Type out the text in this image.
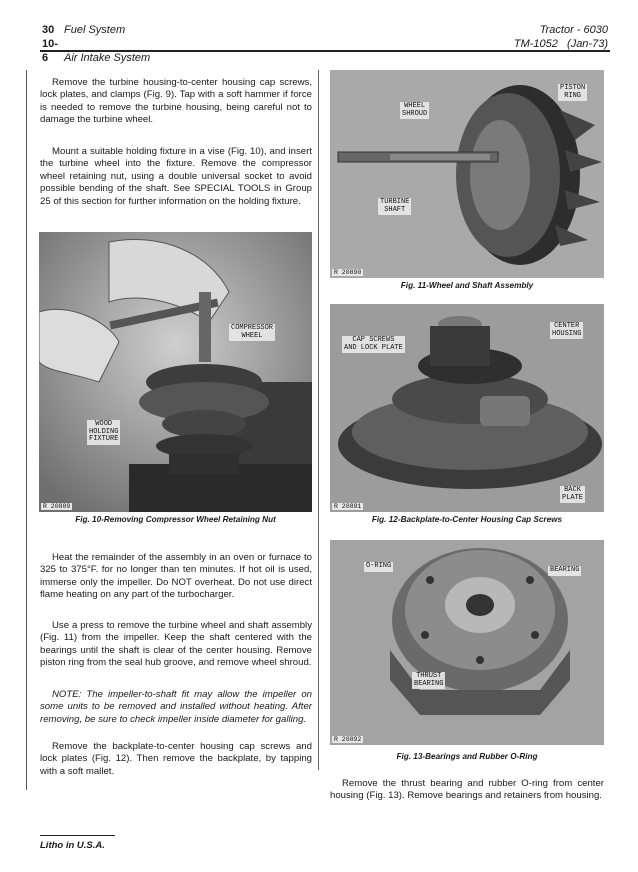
30 Fuel System
10-6 Air Intake System
Tractor - 6030
TM-1052   (Jan-73)

Remove the turbine housing-to-center housing cap screws, lock plates, and clamps (Fig. 9). Tap with a soft hammer if force is needed to remove the turbine housing, being careful not to damage the turbine wheel.

Mount a suitable holding fixture in a vise (Fig. 10), and insert the turbine wheel into the fixture. Remove the compressor wheel retaining nut, using a double universal socket to avoid possible bending of the shaft. See SPECIAL TOOLS in Group 25 of this section for further information on the holding fixture.

COMPRESSOR
WHEEL
WOOD
HOLDING
FIXTURE
R 20889
Fig. 10-Removing Compressor Wheel Retaining Nut

Heat the remainder of the assembly in an oven or furnace to 325 to 375°F. for no longer than ten minutes. If hot oil is used, immerse only the impeller. Do NOT overheat. Do not use direct flame heating on any part of the turbocharger.

Use a press to remove the turbine wheel and shaft assembly (Fig. 11) from the impeller. Keep the shaft centered with the bearings until the shaft is clear of the center housing. Remove piston ring from the seal hub groove, and remove wheel shroud.

NOTE: The impeller-to-shaft fit may allow the impeller on some units to be removed and installed without heating. After removing, be sure to check impeller inside diameter for galling.

Remove the backplate-to-center housing cap screws and lock plates (Fig. 12). Then remove the backplate, by tapping with a soft mallet.

WHEEL
SHROUD
PISTON
RING
TURBINE
SHAFT
R 20890
Fig. 11-Wheel and Shaft Assembly
CAP SCREWS
AND LOCK PLATE
CENTER
HOUSING
BACK
PLATE
R 20891
Fig. 12-Backplate-to-Center Housing Cap Screws
O-RING	BEARING
THRUST
BEARING
R 20892
Fig. 13-Bearings and Rubber O-Ring

Remove the thrust bearing and rubber O-ring from center housing (Fig. 13). Remove bearings and retainers from housing.

Litho in U.S.A.
